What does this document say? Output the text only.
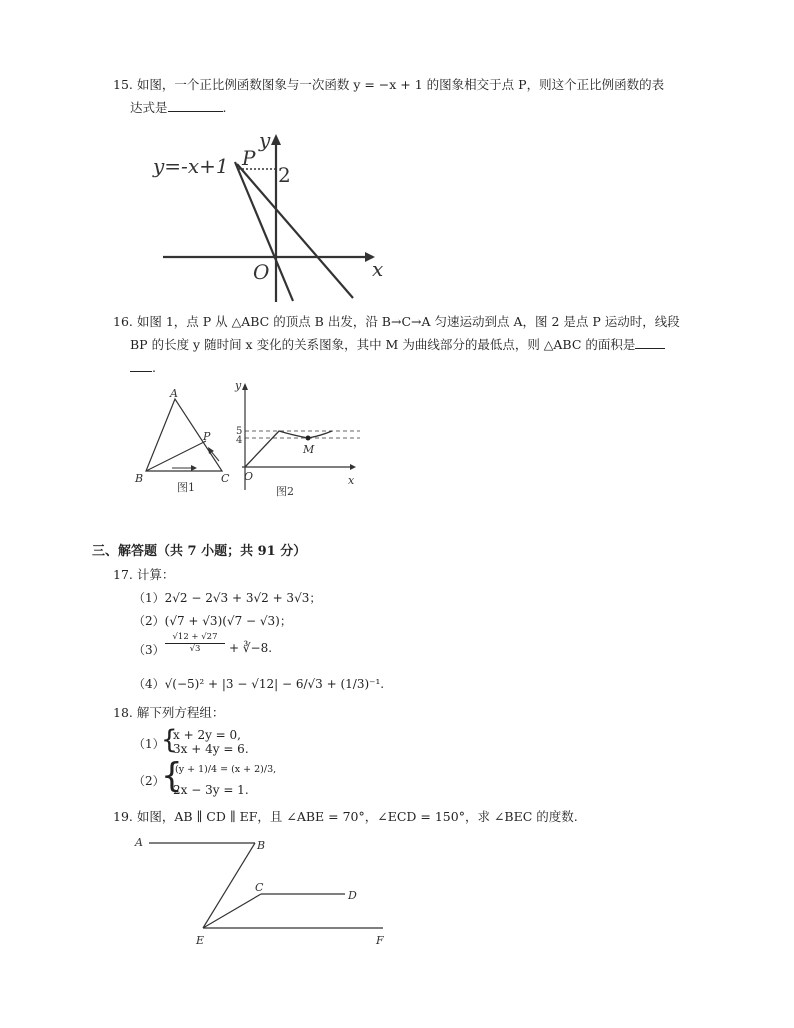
15. 如图，一个正比例函数图象与一次函数 y = −x + 1 的图象相交于点 P，则这个正比例函数的表
达式是	.
y=-x+1 P
y
2
O	x
16. 如图 1，点 P 从 △ABC 的顶点 B 出发，沿 B→C→A 匀速运动到点 A，图 2 是点 P 运动时，线段
BP 的长度 y 随时间 x 变化的关系图象，其中 M 为曲线部分的最低点，则 △ABC 的面积是
.
A
B	C
P
图1
y
5
4
O
M
x
图2
三、解答题（共 7 小题；共 91 分）
17. 计算：
（1）2√2 − 2√3 + 3√2 + 3√3；
（2）(√7 + √3)(√7 − √3)；
$(3) \frac{√12 + √27}{√3}$ + ∛−8.
（4）√(−5)² + |3 − √12| − 6/√3 + (1/3)⁻¹.
18. 解下列方程组：
（1）
{
x + 2y = 0,
3x + 4y = 6.
（2）
{
(y + 1)/4 = (x + 2)/3,
2x − 3y = 1.
19. 如图，AB ∥ CD ∥ EF，且 ∠ABE = 70°，∠ECD = 150°，求 ∠BEC 的度数.
A	B
C
D
E	F
